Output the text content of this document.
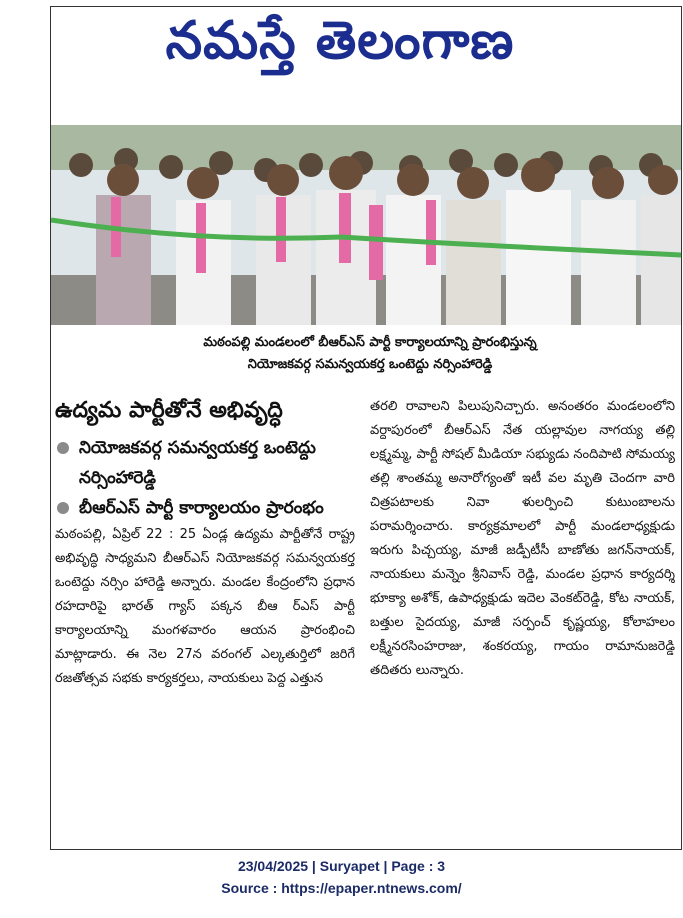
నమస్తే తెలంగాణ
మఠంపల్లి మండలంలో బీఆర్ఎస్ పార్టీ కార్యాలయాన్ని ప్రారంభిస్తున్న
నియోజకవర్గ సమన్వయకర్త ఒంటెద్దు నర్సింహారెడ్డి
ఉద్యమ పార్టీతోనే అభివృద్ధి
నియోజకవర్గ సమన్వయకర్త ఒంటెద్దు నర్సింహారెడ్డి
బీఆర్ఎస్ పార్టీ కార్యాలయం ప్రారంభం
మఠంపల్లి, ఏప్రిల్ 22 : 25 ఏండ్ల ఉద్యమ పార్టీతోనే రాష్ట్ర అభివృద్ధి సాధ్యమని బీఆర్ఎస్ నియోజకవర్గ సమన్వయకర్త ఒంటెద్దు నర్సిం హారెడ్డి అన్నారు. మండల కేంద్రంలోని ప్రధాన రహదారిపై భారత్ గ్యాస్ పక్కన బీఆ ర్ఎస్ పార్టీ కార్యాలయాన్ని మంగళవారం ఆయన ప్రారంభించి మాట్లాడారు. ఈ నెల 27న వరంగల్ ఎల్కతుర్తిలో జరిగే రజతోత్సవ సభకు కార్యకర్తలు, నాయకులు పెద్ద ఎత్తున
తరలి రావాలని పిలుపునిచ్చారు. అనంతరం మండలంలోని వర్దాపురంలో బీఆర్ఎస్ నేత యల్లావుల నాగయ్య తల్లి లక్ష్మమ్మ, పార్టీ సోషల్ మీడియా సభ్యుడు నందిపాటి సోమయ్య తల్లి శాంతమ్మ అనారోగ్యంతో ఇటీ వల మృతి చెందగా వారి చిత్రపటాలకు నివా ళులర్పించి కుటుంబాలను పరామర్శించారు. కార్యక్రమాలలో పార్టీ మండలాధ్యక్షుడు ఇరుగు పిచ్చయ్య, మాజీ జడ్పీటీసీ బాణోతు జగన్‌నాయక్, నాయకులు మన్నెం శ్రీనివాస్ రెడ్డి, మండల ప్రధాన కార్యదర్శి భూక్యా అశోక్, ఉపాధ్యక్షుడు ఇదెల వెంకట్‌రెడ్డి, కోట నాయక్, బత్తుల సైదయ్య, మాజీ సర్పంచ్ కృష్ణయ్య, కోలాహలం లక్ష్మీనరసింహరాజు, శంకరయ్య, గాయం రామానుజరెడ్డి తదితరు లున్నారు.
23/04/2025 | Suryapet | Page : 3
Source : https://epaper.ntnews.com/
